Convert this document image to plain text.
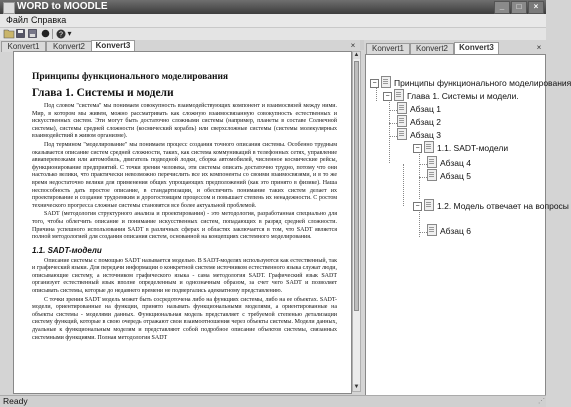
WORD to MOODLE	_	□	×
Файл Справка
? ▾
Konvert1	Konvert2	Konvert3	×	Konvert1	Konvert2	Konvert3	×
Принципы функционального моделирования
Глава 1. Системы и модели

Под словом "система" мы понимаем совокупность взаимодействующих компонент и взаимосвязей между ними. Мир, в котором мы живем, можно рассматривать как сложную взаимосвязанную совокупность естественных и искусственных систем. Эти могут быть достаточно сложными системы (например, планеты в составе Солнечной системы), системы средней сложности (космический корабль) или сверхсложные системы (системы молекулярных взаимодействий в живом организме).

Под термином "моделирование" мы понимаем процесс создания точного описания системы. Особенно трудным оказывается описание систем средней сложности, таких, как система коммуникаций в телефонных сетях, управление авиаперевозками или автомобиль, двигатель подводной лодки, сборка автомобилей, численное космические рейсы, функционирование предприятий. С точки зрения человека, эти системы описать достаточно трудно, потому что они настолько велики, что практически невозможно перечислить все их компоненты со своими взаимосвязями, и в то же время недостаточно велики для применения общих упрощающих предположений (как это принято в физике). Наша неспособность дать простое описание, в стандартизации, и обеспечить понимание таких систем делает их проектирование и создание трудоемким и дорогостоящим процессом и повышает степень их ненадежности. С ростом технического прогресса сложные системы становятся все более актуальной проблемой.

SADT (методология структурного анализа и проектирования) - это методология, разработанная специально для того, чтобы облегчить описание и понимание искусственных систем, попадающих в разряд средней сложности. Причина успешного использования SADT в различных сферах и областях заключается в том, что SADT является полной методологией для создания описания систем, основанной на концепциях системного моделирования.

1.1. SADT-модели

Описание системы с помощью SADT называется моделью. В SADT-моделях используются как естественный, так и графический языки. Для передачи информации о конкретной системе источником естественного языка служат люди, описывающие систему, а источником графического языка - сама методология SADT. Графический язык SADT организует естественный язык вполне определенным и однозначным образом, за счет чего SADT и позволяет описывать системы, которые до недавнего времени не подвергались адекватному представлению.

С точки зрения SADT модель может быть сосредоточена либо на функциях системы, либо на ее объектах. SADT-модели, ориентированные на функции, принято называть функциональными моделями, а ориентированные на объекты системы - моделями данных. Функциональная модель представляет с требуемой степенью детализации систему функций, которые в свою очередь отражают свои взаимоотношения через объекты системы. Модели данных, дуальные к функциональным моделям и представляют собой подробное описание объектов системы, связанных системными функциями. Полная методология SADT

▲
▼
− Принципы функционального моделирования
− Глава 1. Системы и модели.
Абзац 1
Абзац 2
Абзац 3
− 1.1. SADT-модели
Абзац 4
Абзац 5
− 1.2. Модель отвечает на вопросы
Абзац 6
Ready	⋰
